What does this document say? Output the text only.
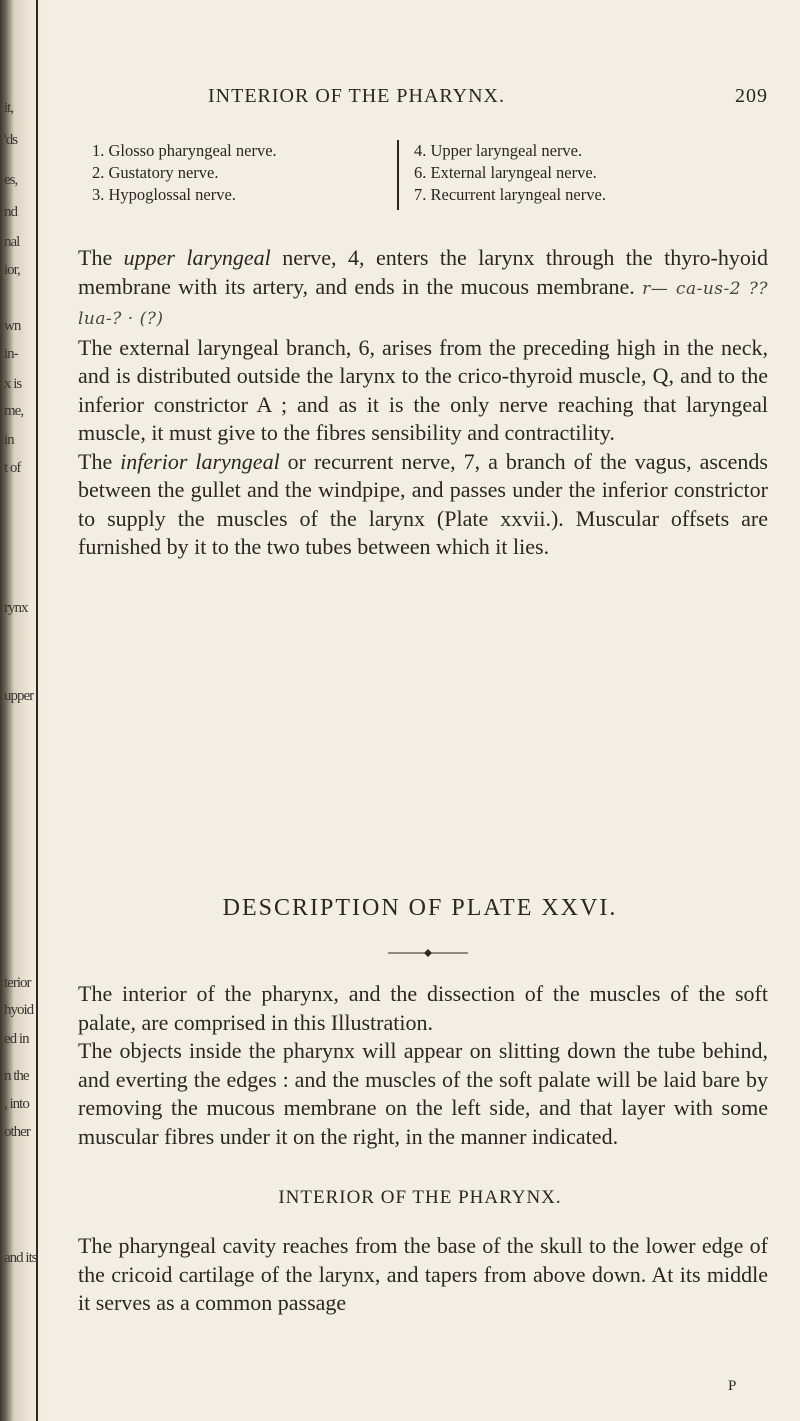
it,
'ds
es,
nd
nal
ior,
wn
in-
x is
me,
in
t of
rynx
upper
terior
hyoid
ed in
n the
, into
other
and its
INTERIOR OF THE PHARYNX.	209
1. Glosso pharyngeal nerve.
2. Gustatory nerve.
3. Hypoglossal nerve.
4. Upper laryngeal nerve.
6. External laryngeal nerve.
7. Recurrent laryngeal nerve.

The upper laryngeal nerve, 4, enters the larynx through the thyro-hyoid membrane with its artery, and ends in the mucous membrane. r— ca-us-2 ?? lua-? · (?)

The external laryngeal branch, 6, arises from the preceding high in the neck, and is distributed outside the larynx to the crico-thyroid muscle, Q, and to the inferior constrictor A ; and as it is the only nerve reaching that laryngeal muscle, it must give to the fibres sensibility and contractility.

The inferior laryngeal or recurrent nerve, 7, a branch of the vagus, ascends between the gullet and the windpipe, and passes under the inferior constrictor to supply the muscles of the larynx (Plate xxvii.). Muscular offsets are furnished by it to the two tubes between which it lies.

DESCRIPTION OF PLATE XXVI.

The interior of the pharynx, and the dissection of the muscles of the soft palate, are comprised in this Illustration.

The objects inside the pharynx will appear on slitting down the tube behind, and everting the edges : and the muscles of the soft palate will be laid bare by removing the mucous membrane on the left side, and that layer with some muscular fibres under it on the right, in the manner indicated.

INTERIOR OF THE PHARYNX.

The pharyngeal cavity reaches from the base of the skull to the lower edge of the cricoid cartilage of the larynx, and tapers from above down. At its middle it serves as a common passage

P
